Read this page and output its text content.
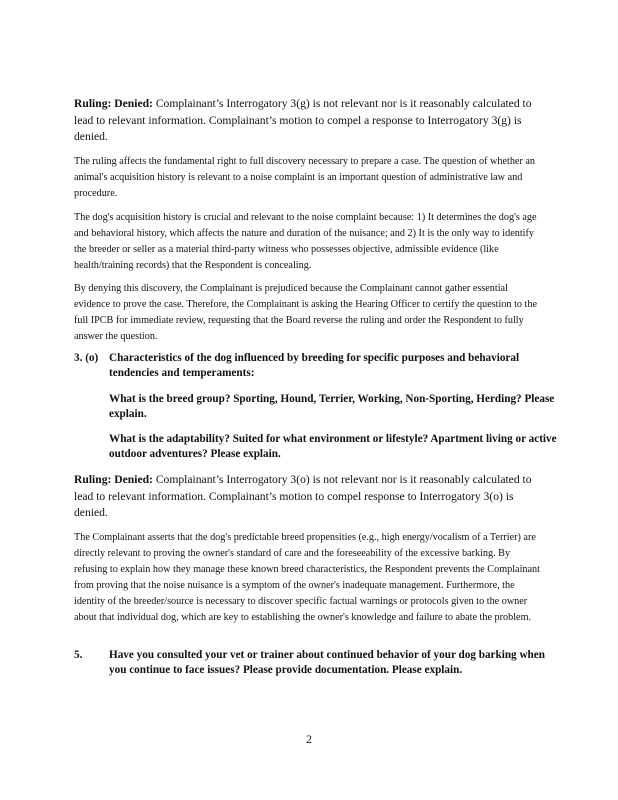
Ruling: Denied: Complainant’s Interrogatory 3(g) is not relevant nor is it reasonably calculated to lead to relevant information. Complainant’s motion to compel a response to Interrogatory 3(g) is denied.

The ruling affects the fundamental right to full discovery necessary to prepare a case. The question of whether an animal's acquisition history is relevant to a noise complaint is an important question of administrative law and procedure.

The dog's acquisition history is crucial and relevant to the noise complaint because: 1) It determines the dog's age and behavioral history, which affects the nature and duration of the nuisance; and 2) It is the only way to identify the breeder or seller as a material third-party witness who possesses objective, admissible evidence (like health/training records) that the Respondent is concealing.

By denying this discovery, the Complainant is prejudiced because the Complainant cannot gather essential evidence to prove the case. Therefore, the Complainant is asking the Hearing Officer to certify the question to the full IPCB for immediate review, requesting that the Board reverse the ruling and order the Respondent to fully answer the question.

3. (o) Characteristics of the dog influenced by breeding for specific purposes and behavioral tendencies and temperaments:
What is the breed group? Sporting, Hound, Terrier, Working, Non-Sporting, Herding? Please explain.
What is the adaptability? Suited for what environment or lifestyle? Apartment living or active outdoor adventures? Please explain.

Ruling: Denied: Complainant’s Interrogatory 3(o) is not relevant nor is it reasonably calculated to lead to relevant information. Complainant’s motion to compel response to Interrogatory 3(o) is denied.

The Complainant asserts that the dog's predictable breed propensities (e.g., high energy/vocalism of a Terrier) are directly relevant to proving the owner's standard of care and the foreseeability of the excessive barking. By refusing to explain how they manage these known breed characteristics, the Respondent prevents the Complainant from proving that the noise nuisance is a symptom of the owner's inadequate management. Furthermore, the identity of the breeder/source is necessary to discover specific factual warnings or protocols given to the owner about that individual dog, which are key to establishing the owner's knowledge and failure to abate the problem.

5. Have you consulted your vet or trainer about continued behavior of your dog barking when you continue to face issues? Please provide documentation. Please explain.
2
